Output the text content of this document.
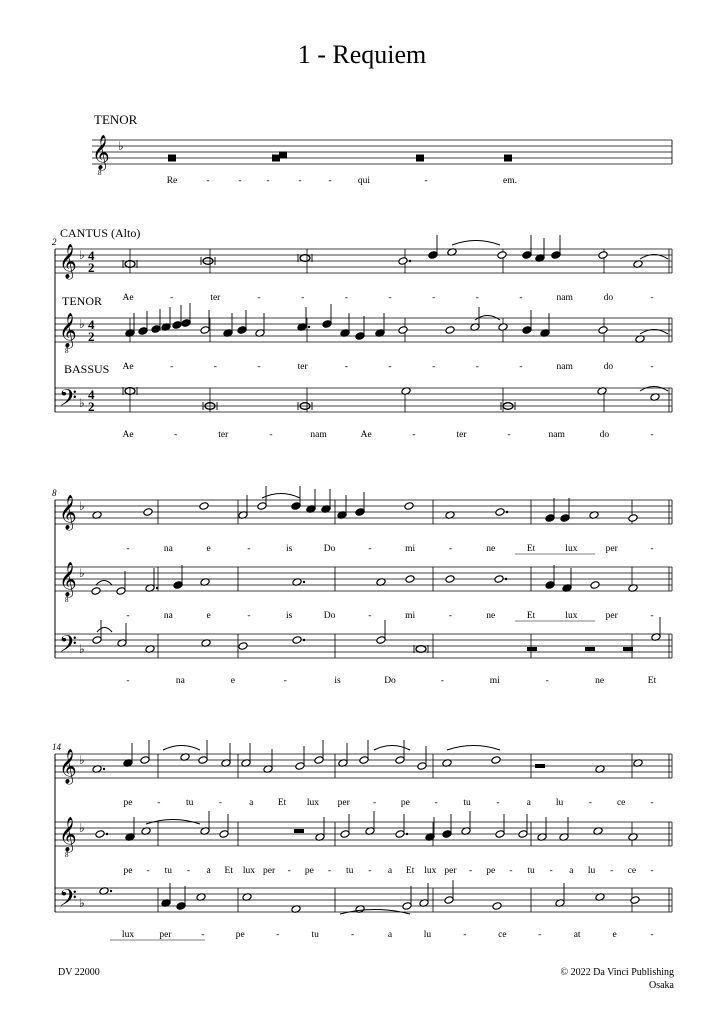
1 - Requiem
𝄞
8
♭
𝄞 ♭ 4
2
𝄞
8
♭ 4
2
𝄢 ♭
4
2
𝄞 ♭
𝄞
8
♭
𝄢 ♭
𝄞 ♭
𝄞
8
♭
𝄢 ♭
TENOR
Re	-	-	-	-	-	qui	-	em.
2
CANTUS (Alto)
TENOR
BASSUS
Ae	-	ter	-	-	-	-	-	-	-	nam	do	-
Ae	-	-	-	ter	-	-	-	-	-	nam	do	-
Ae	-	ter	-	nam	Ae	-	ter	-	nam	do	-
8
-	na	e	-	is	Do	-	mi	-	ne	Et	lux	per	-
-	na	e	-	is	Do	-	mi	-	ne	Et	lux	per	-
-	na	e	-	is	Do	-	mi	-	ne	Et
14
pe	-	tu	-	a	Et lux per -	pe	-	tu	-	a	lu	-	ce	-
pe - tu - a Et lux per - pe - tu - a Et lux per - pe - tu - a lu - ce -
lux	per	-	pe	-	tu	-	a	lu	-	ce	-	at	e	-
DV 22000	© 2022 Da Vinci Publishing
Osaka
